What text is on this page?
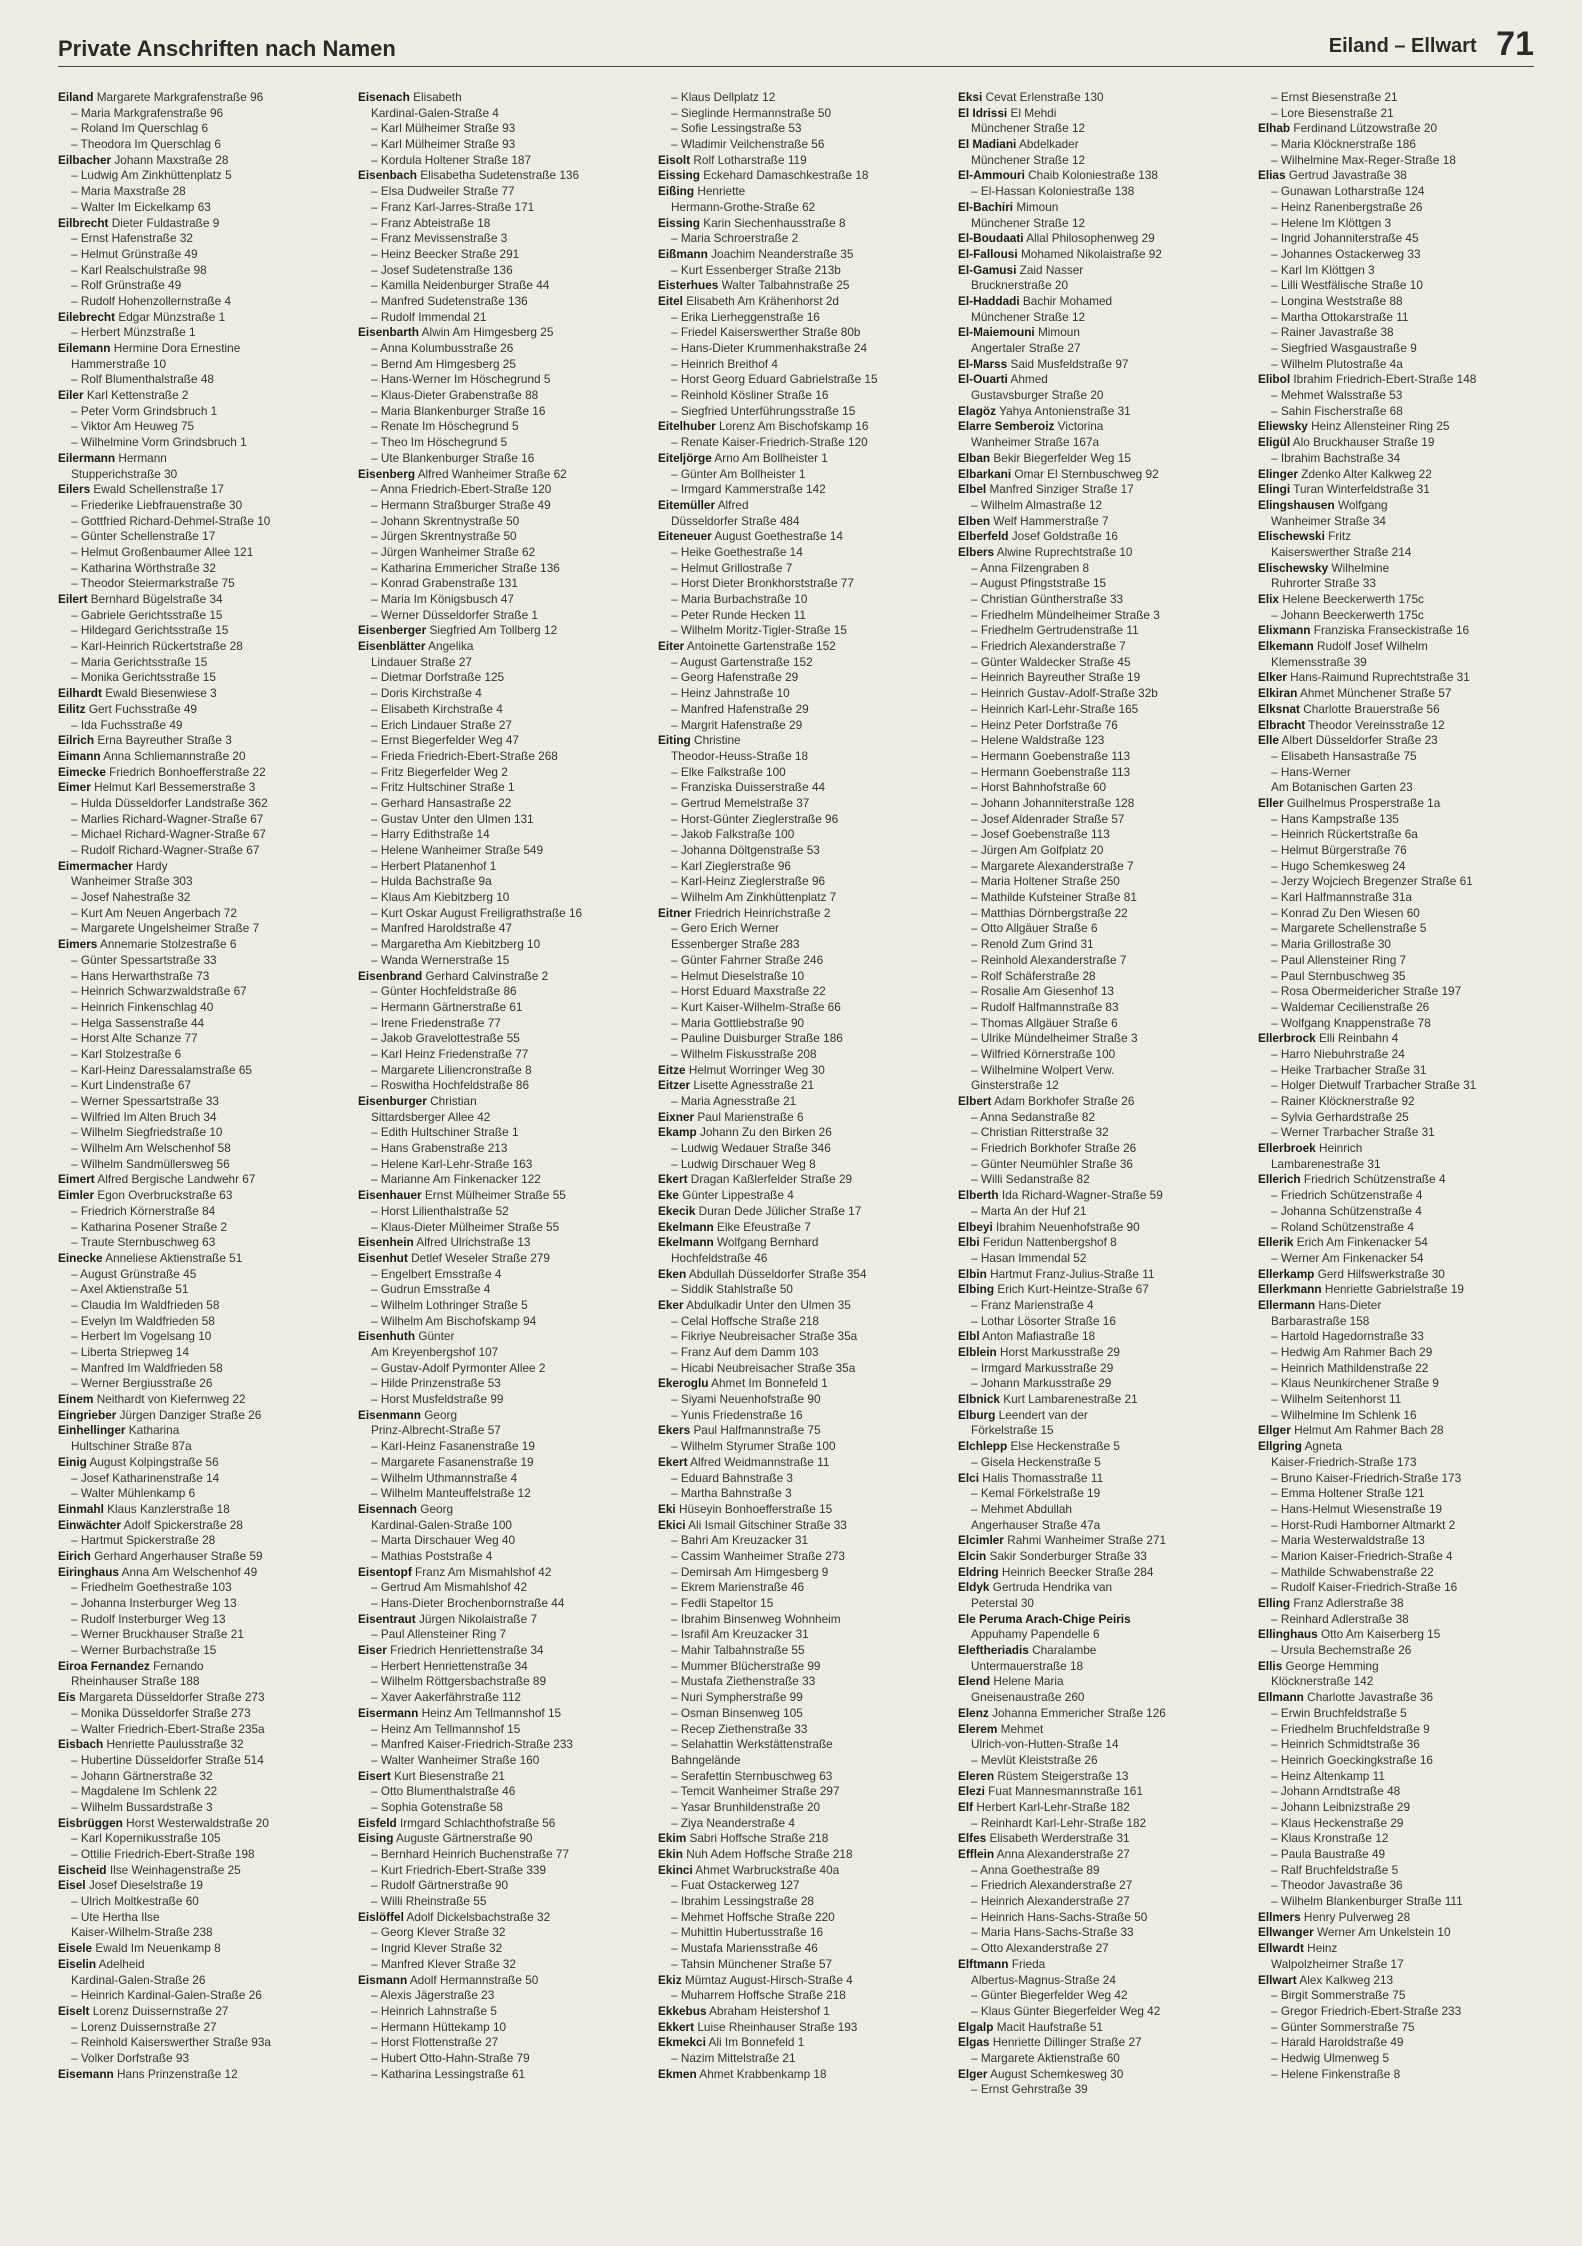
Private Anschriften nach Namen	Eiland – Ellwart 71
Eiland Margarete Markgrafenstraße 96
– Maria Markgrafenstraße 96
– Roland Im Querschlag 6
– Theodora Im Querschlag 6
Eilbacher Johann Maxstraße 28
– Ludwig Am Zinkhüttenplatz 5
– Maria Maxstraße 28
– Walter Im Eickelkamp 63
Eilbrecht Dieter Fuldastraße 9
– Ernst Hafenstraße 32
– Helmut Grünstraße 49
– Karl Realschulstraße 98
– Rolf Grünstraße 49
– Rudolf Hohenzollernstraße 4
Eilebrecht Edgar Münzstraße 1
– Herbert Münzstraße 1
Eilemann Hermine Dora Ernestine
Hammerstraße 10
– Rolf Blumenthalstraße 48
Eiler Karl Kettenstraße 2
– Peter Vorm Grindsbruch 1
– Viktor Am Heuweg 75
– Wilhelmine Vorm Grindsbruch 1
Eilermann Hermann
Stupperichstraße 30
Eilers Ewald Schellenstraße 17
– Friederike Liebfrauenstraße 30
– Gottfried Richard-Dehmel-Straße 10
– Günter Schellenstraße 17
– Helmut Großenbaumer Allee 121
– Katharina Wörthstraße 32
– Theodor Steiermarkstraße 75
Eilert Bernhard Bügelstraße 34
– Gabriele Gerichtsstraße 15
– Hildegard Gerichtsstraße 15
– Karl-Heinrich Rückertstraße 28
– Maria Gerichtsstraße 15
– Monika Gerichtsstraße 15
Eilhardt Ewald Biesenwiese 3
Eilitz Gert Fuchsstraße 49
– Ida Fuchsstraße 49
Eilrich Erna Bayreuther Straße 3
Eimann Anna Schliemannstraße 20
Eimecke Friedrich Bonhoefferstraße 22
Eimer Helmut Karl Bessemerstraße 3
– Hulda Düsseldorfer Landstraße 362
– Marlies Richard-Wagner-Straße 67
– Michael Richard-Wagner-Straße 67
– Rudolf Richard-Wagner-Straße 67
Eimermacher Hardy
Wanheimer Straße 303
– Josef Nahestraße 32
– Kurt Am Neuen Angerbach 72
– Margarete Ungelsheimer Straße 7
Eimers Annemarie Stolzestraße 6
– Günter Spessartstraße 33
– Hans Herwarthstraße 73
– Heinrich Schwarzwaldstraße 67
– Heinrich Finkenschlag 40
– Helga Sassenstraße 44
– Horst Alte Schanze 77
– Karl Stolzestraße 6
– Karl-Heinz Daressalamstraße 65
– Kurt Lindenstraße 67
– Werner Spessartstraße 33
– Wilfried Im Alten Bruch 34
– Wilhelm Siegfriedstraße 10
– Wilhelm Am Welschenhof 58
– Wilhelm Sandmüllersweg 56
Eimert Alfred Bergische Landwehr 67
Eimler Egon Overbruckstraße 63
– Friedrich Körnerstraße 84
– Katharina Posener Straße 2
– Traute Sternbuschweg 63
Einecke Anneliese Aktienstraße 51
– August Grünstraße 45
– Axel Aktienstraße 51
– Claudia Im Waldfrieden 58
– Evelyn Im Waldfrieden 58
– Herbert Im Vogelsang 10
– Liberta Striepweg 14
– Manfred Im Waldfrieden 58
– Werner Bergiusstraße 26
Einem Neithardt von Kiefernweg 22
Eingrieber Jürgen Danziger Straße 26
Einhellinger Katharina
Hultschiner Straße 87a
Einig August Kolpingstraße 56
– Josef Katharinenstraße 14
– Walter Mühlenkamp 6
Einmahl Klaus Kanzlerstraße 18
Einwächter Adolf Spickerstraße 28
– Hartmut Spickerstraße 28
Eirich Gerhard Angerhauser Straße 59
Eiringhaus Anna Am Welschenhof 49
– Friedhelm Goethestraße 103
– Johanna Insterburger Weg 13
– Rudolf Insterburger Weg 13
– Werner Bruckhauser Straße 21
– Werner Burbachstraße 15
Eiroa Fernandez Fernando
Rheinhauser Straße 188
Eis Margareta Düsseldorfer Straße 273
– Monika Düsseldorfer Straße 273
– Walter Friedrich-Ebert-Straße 235a
Eisbach Henriette Paulusstraße 32
– Hubertine Düsseldorfer Straße 514
– Johann Gärtnerstraße 32
– Magdalene Im Schlenk 22
– Wilhelm Bussardstraße 3
Eisbrüggen Horst Westerwaldstraße 20
– Karl Kopernikusstraße 105
– Ottilie Friedrich-Ebert-Straße 198
Eischeid Ilse Weinhagenstraße 25
Eisel Josef Dieselstraße 19
– Ulrich Moltkestraße 60
– Ute Hertha Ilse
Kaiser-Wilhelm-Straße 238
Eisele Ewald Im Neuenkamp 8
Eiselin Adelheid
Kardinal-Galen-Straße 26
– Heinrich Kardinal-Galen-Straße 26
Eiselt Lorenz Duissernstraße 27
– Lorenz Duissernstraße 27
– Reinhold Kaiserswerther Straße 93a
– Volker Dorfstraße 93
Eisemann Hans Prinzenstraße 12
Eisenach Elisabeth
Kardinal-Galen-Straße 4
– Karl Mülheimer Straße 93
– Karl Mülheimer Straße 93
– Kordula Holtener Straße 187
Eisenbach Elisabetha Sudetenstraße 136
– Elsa Dudweiler Straße 77
– Franz Karl-Jarres-Straße 171
– Franz Abteistraße 18
– Franz Mevissenstraße 3
– Heinz Beecker Straße 291
– Josef Sudetenstraße 136
– Kamilla Neidenburger Straße 44
– Manfred Sudetenstraße 136
– Rudolf Immendal 21
Eisenbarth Alwin Am Himgesberg 25
– Anna Kolumbusstraße 26
– Bernd Am Himgesberg 25
– Hans-Werner Im Höschegrund 5
– Klaus-Dieter Grabenstraße 88
– Maria Blankenburger Straße 16
– Renate Im Höschegrund 5
– Theo Im Höschegrund 5
– Ute Blankenburger Straße 16
Eisenberg Alfred Wanheimer Straße 62
– Anna Friedrich-Ebert-Straße 120
– Hermann Straßburger Straße 49
– Johann Skrentnystraße 50
– Jürgen Skrentnystraße 50
– Jürgen Wanheimer Straße 62
– Katharina Emmericher Straße 136
– Konrad Grabenstraße 131
– Maria Im Königsbusch 47
– Werner Düsseldorfer Straße 1
Eisenberger Siegfried Am Tollberg 12
Eisenblätter Angelika
Lindauer Straße 27
– Dietmar Dorfstraße 125
– Doris Kirchstraße 4
– Elisabeth Kirchstraße 4
– Erich Lindauer Straße 27
– Ernst Biegerfelder Weg 47
– Frieda Friedrich-Ebert-Straße 268
– Fritz Biegerfelder Weg 2
– Fritz Hultschiner Straße 1
– Gerhard Hansastraße 22
– Gustav Unter den Ulmen 131
– Harry Edithstraße 14
– Helene Wanheimer Straße 549
– Herbert Platanenhof 1
– Hulda Bachstraße 9a
– Klaus Am Kiebitzberg 10
– Kurt Oskar August Freiligrathstraße 16
– Manfred Haroldstraße 47
– Margaretha Am Kiebitzberg 10
– Wanda Wernerstraße 15
Eisenbrand Gerhard Calvinstraße 2
– Günter Hochfeldstraße 86
– Hermann Gärtnerstraße 61
– Irene Friedenstraße 77
– Jakob Gravelottestraße 55
– Karl Heinz Friedenstraße 77
– Margarete Liliencronstraße 8
– Roswitha Hochfeldstraße 86
Eisenburger Christian
Sittardsberger Allee 42
– Edith Hultschiner Straße 1
– Hans Grabenstraße 213
– Helene Karl-Lehr-Straße 163
– Marianne Am Finkenacker 122
Eisenhauer Ernst Mülheimer Straße 55
– Horst Lilienthalstraße 52
– Klaus-Dieter Mülheimer Straße 55
Eisenhein Alfred Ulrichstraße 13
Eisenhut Detlef Weseler Straße 279
– Engelbert Emsstraße 4
– Gudrun Emsstraße 4
– Wilhelm Lothringer Straße 5
– Wilhelm Am Bischofskamp 94
Eisenhuth Günter
Am Kreyenbergshof 107
– Gustav-Adolf Pyrmonter Allee 2
– Hilde Prinzenstraße 53
– Horst Musfeldstraße 99
Eisenmann Georg
Prinz-Albrecht-Straße 57
– Karl-Heinz Fasanenstraße 19
– Margarete Fasanenstraße 19
– Wilhelm Uthmannstraße 4
– Wilhelm Manteuffelstraße 12
Eisennach Georg
Kardinal-Galen-Straße 100
– Marta Dirschauer Weg 40
– Mathias Poststraße 4
Eisentopf Franz Am Mismahlshof 42
– Gertrud Am Mismahlshof 42
– Hans-Dieter Brochenbornstraße 44
Eisentraut Jürgen Nikolaistraße 7
– Paul Allensteiner Ring 7
Eiser Friedrich Henriettenstraße 34
– Herbert Henriettenstraße 34
– Wilhelm Röttgersbachstraße 89
– Xaver Aakerfährstraße 112
Eisermann Heinz Am Tellmannshof 15
– Heinz Am Tellmannshof 15
– Manfred Kaiser-Friedrich-Straße 233
– Walter Wanheimer Straße 160
Eisert Kurt Biesenstraße 21
– Otto Blumenthalstraße 46
– Sophia Gotenstraße 58
Eisfeld Irmgard Schlachthofstraße 56
Eising Auguste Gärtnerstraße 90
– Bernhard Heinrich Buchenstraße 77
– Kurt Friedrich-Ebert-Straße 339
– Rudolf Gärtnerstraße 90
– Willi Rheinstraße 55
Eislöffel Adolf Dickelsbachstraße 32
– Georg Klever Straße 32
– Ingrid Klever Straße 32
– Manfred Klever Straße 32
Eismann Adolf Hermannstraße 50
– Alexis Jägerstraße 23
– Heinrich Lahnstraße 5
– Hermann Hüttekamp 10
– Horst Flottenstraße 27
– Hubert Otto-Hahn-Straße 79
– Katharina Lessingstraße 61
– Klaus Dellplatz 12
– Sieglinde Hermannstraße 50
– Sofie Lessingstraße 53
– Wladimir Veilchenstraße 56
Eisolt Rolf Lotharstraße 119
Eissing Eckehard Damaschkestraße 18
Eißing Henriette
Hermann-Grothe-Straße 62
Eissing Karin Siechenhausstraße 8
– Maria Schroerstraße 2
Eißmann Joachim Neanderstraße 35
– Kurt Essenberger Straße 213b
Eisterhues Walter Talbahnstraße 25
Eitel Elisabeth Am Krähenhorst 2d
– Erika Lierheggenstraße 16
– Friedel Kaiserswerther Straße 80b
– Hans-Dieter Krummenhakstraße 24
– Heinrich Breithof 4
– Horst Georg Eduard Gabrielstraße 15
– Reinhold Kösliner Straße 16
– Siegfried Unterführungsstraße 15
Eitelhuber Lorenz Am Bischofskamp 16
– Renate Kaiser-Friedrich-Straße 120
Eiteljörge Arno Am Bollheister 1
– Günter Am Bollheister 1
– Irmgard Kammerstraße 142
Eitemüller Alfred
Düsseldorfer Straße 484
Eiteneuer August Goethestraße 14
– Heike Goethestraße 14
– Helmut Grillostraße 7
– Horst Dieter Bronkhorststraße 77
– Maria Burbachstraße 10
– Peter Runde Hecken 11
– Wilhelm Moritz-Tigler-Straße 15
Eiter Antoinette Gartenstraße 152
– August Gartenstraße 152
– Georg Hafenstraße 29
– Heinz Jahnstraße 10
– Manfred Hafenstraße 29
– Margrit Hafenstraße 29
Eiting Christine
Theodor-Heuss-Straße 18
– Elke Falkstraße 100
– Franziska Duisserstraße 44
– Gertrud Memelstraße 37
– Horst-Günter Zieglerstraße 96
– Jakob Falkstraße 100
– Johanna Döltgenstraße 53
– Karl Zieglerstraße 96
– Karl-Heinz Zieglerstraße 96
– Wilhelm Am Zinkhüttenplatz 7
Eitner Friedrich Heinrichstraße 2
– Gero Erich Werner
Essenberger Straße 283
– Günter Fahrner Straße 246
– Helmut Dieselstraße 10
– Horst Eduard Maxstraße 22
– Kurt Kaiser-Wilhelm-Straße 66
– Maria Gottliebstraße 90
– Pauline Duisburger Straße 186
– Wilhelm Fiskusstraße 208
Eitze Helmut Worringer Weg 30
Eitzer Lisette Agnesstraße 21
– Maria Agnesstraße 21
Eixner Paul Marienstraße 6
Ekamp Johann Zu den Birken 26
– Ludwig Wedauer Straße 346
– Ludwig Dirschauer Weg 8
Ekert Dragan Kaßlerfelder Straße 29
Eke Günter Lippestraße 4
Ekecik Duran Dede Jülicher Straße 17
Ekelmann Elke Efeustraße 7
Ekelmann Wolfgang Bernhard
Hochfeldstraße 46
Eken Abdullah Düsseldorfer Straße 354
– Siddik Stahlstraße 50
Eker Abdulkadir Unter den Ulmen 35
– Celal Hoffsche Straße 218
– Fikriye Neubreisacher Straße 35a
– Franz Auf dem Damm 103
– Hicabi Neubreisacher Straße 35a
Ekeroglu Ahmet Im Bonnefeld 1
– Siyami Neuenhofstraße 90
– Yunis Friedenstraße 16
Ekers Paul Halfmannstraße 75
– Wilhelm Styrumer Straße 100
Ekert Alfred Weidmannstraße 11
– Eduard Bahnstraße 3
– Martha Bahnstraße 3
Eki Hüseyin Bonhoefferstraße 15
Ekici Ali Ismail Gitschiner Straße 33
– Bahri Am Kreuzacker 31
– Cassim Wanheimer Straße 273
– Demirsah Am Himgesberg 9
– Ekrem Marienstraße 46
– Fedli Stapeltor 15
– Ibrahim Binsenweg Wohnheim
– Israfil Am Kreuzacker 31
– Mahir Talbahnstraße 55
– Mummer Blücherstraße 99
– Mustafa Ziethenstraße 33
– Nuri Sympherstraße 99
– Osman Binsenweg 105
– Recep Ziethenstraße 33
– Selahattin Werkstättenstraße
Bahngelände
– Serafettin Sternbuschweg 63
– Temcit Wanheimer Straße 297
– Yasar Brunhildenstraße 20
– Ziya Neanderstraße 4
Ekim Sabri Hoffsche Straße 218
Ekin Nuh Adem Hoffsche Straße 218
Ekinci Ahmet Warbruckstraße 40a
– Fuat Ostackerweg 127
– Ibrahim Lessingstraße 28
– Mehmet Hoffsche Straße 220
– Muhittin Hubertusstraße 16
– Mustafa Mariensstraße 46
– Tahsin Münchener Straße 57
Ekiz Mümtaz August-Hirsch-Straße 4
– Muharrem Hoffsche Straße 218
Ekkebus Abraham Heistershof 1
Ekkert Luise Rheinhauser Straße 193
Ekmekci Ali Im Bonnefeld 1
– Nazim Mittelstraße 21
Ekmen Ahmet Krabbenkamp 18
Eksi Cevat Erlenstraße 130
El Idrissi El Mehdi
Münchener Straße 12
El Madiani Abdelkader
Münchener Straße 12
El-Ammouri Chaib Koloniestraße 138
– El-Hassan Koloniestraße 138
El-Bachiri Mimoun
Münchener Straße 12
El-Boudaati Allal Philosophenweg 29
El-Fallousi Mohamed Nikolaistraße 92
El-Gamusi Zaid Nasser
Brucknerstraße 20
El-Haddadi Bachir Mohamed
Münchener Straße 12
El-Maiemouni Mimoun
Angertaler Straße 27
El-Marss Said Musfeldstraße 97
El-Ouarti Ahmed
Gustavsburger Straße 20
Elagöz Yahya Antonienstraße 31
Elarre Semberoiz Victorina
Wanheimer Straße 167a
Elban Bekir Biegerfelder Weg 15
Elbarkani Omar El Sternbuschweg 92
Elbel Manfred Sinziger Straße 17
– Wilhelm Almastraße 12
Elben Welf Hammerstraße 7
Elberfeld Josef Goldstraße 16
Elbers Alwine Ruprechtstraße 10
– Anna Filzengraben 8
– August Pfingststraße 15
– Christian Güntherstraße 33
– Friedhelm Mündelheimer Straße 3
– Friedhelm Gertrudenstraße 11
– Friedrich Alexanderstraße 7
– Günter Waldecker Straße 45
– Heinrich Bayreuther Straße 19
– Heinrich Gustav-Adolf-Straße 32b
– Heinrich Karl-Lehr-Straße 165
– Heinz Peter Dorfstraße 76
– Helene Waldstraße 123
– Hermann Goebenstraße 113
– Hermann Goebenstraße 113
– Horst Bahnhofstraße 60
– Johann Johanniterstraße 128
– Josef Aldenrader Straße 57
– Josef Goebenstraße 113
– Jürgen Am Golfplatz 20
– Margarete Alexanderstraße 7
– Maria Holtener Straße 250
– Mathilde Kufsteiner Straße 81
– Matthias Dörnbergstraße 22
– Otto Allgäuer Straße 6
– Renold Zum Grind 31
– Reinhold Alexanderstraße 7
– Rolf Schäferstraße 28
– Rosalie Am Giesenhof 13
– Rudolf Halfmannstraße 83
– Thomas Allgäuer Straße 6
– Ulrike Mündelheimer Straße 3
– Wilfried Körnerstraße 100
– Wilhelmine Wolpert Verw.
Ginsterstraße 12
Elbert Adam Borkhofer Straße 26
– Anna Sedanstraße 82
– Christian Ritterstraße 32
– Friedrich Borkhofer Straße 26
– Günter Neumühler Straße 36
– Willi Sedanstraße 82
Elberth Ida Richard-Wagner-Straße 59
– Marta An der Huf 21
Elbeyi Ibrahim Neuenhofstraße 90
Elbi Feridun Nattenbergshof 8
– Hasan Immendal 52
Elbin Hartmut Franz-Julius-Straße 11
Elbing Erich Kurt-Heintze-Straße 67
– Franz Marienstraße 4
– Lothar Lösorter Straße 16
Elbl Anton Mafiastraße 18
Elblein Horst Markusstraße 29
– Irmgard Markusstraße 29
– Johann Markusstraße 29
Elbnick Kurt Lambarenestraße 21
Elburg Leendert van der
Förkelstraße 15
Elchlepp Else Heckenstraße 5
– Gisela Heckenstraße 5
Elci Halis Thomasstraße 11
– Kemal Förkelstraße 19
– Mehmet Abdullah
Angerhauser Straße 47a
Elcimler Rahmi Wanheimer Straße 271
Elcin Sakir Sonderburger Straße 33
Eldring Heinrich Beecker Straße 284
Eldyk Gertruda Hendrika van
Peterstal 30
Ele Peruma Arach-Chige Peiris
Appuhamy Papendelle 6
Eleftheriadis Charalambe
Untermauerstraße 18
Elend Helene Maria
Gneisenaustraße 260
Elenz Johanna Emmericher Straße 126
Elerem Mehmet
Ulrich-von-Hutten-Straße 14
– Mevlüt Kleiststraße 26
Eleren Rüstem Steigerstraße 13
Elezi Fuat Mannesmannstraße 161
Elf Herbert Karl-Lehr-Straße 182
– Reinhardt Karl-Lehr-Straße 182
Elfes Elisabeth Werderstraße 31
Efflein Anna Alexanderstraße 27
– Anna Goethestraße 89
– Friedrich Alexanderstraße 27
– Heinrich Alexanderstraße 27
– Heinrich Hans-Sachs-Straße 50
– Maria Hans-Sachs-Straße 33
– Otto Alexanderstraße 27
Elftmann Frieda
Albertus-Magnus-Straße 24
– Günter Biegerfelder Weg 42
– Klaus Günter Biegerfelder Weg 42
Elgalp Macit Haufstraße 51
Elgas Henriette Dillinger Straße 27
– Margarete Aktienstraße 60
Elger August Schemkesweg 30
– Ernst Gehrstraße 39
– Ernst Biesenstraße 21
– Lore Biesenstraße 21
Elhab Ferdinand Lützowstraße 20
– Maria Klöcknerstraße 186
– Wilhelmine Max-Reger-Straße 18
Elias Gertrud Javastraße 38
– Gunawan Lotharstraße 124
– Heinz Ranenbergstraße 26
– Helene Im Klöttgen 3
– Ingrid Johanniterstraße 45
– Johannes Ostackerweg 33
– Karl Im Klöttgen 3
– Lilli Westfälische Straße 10
– Longina Weststraße 88
– Martha Ottokarstraße 11
– Rainer Javastraße 38
– Siegfried Wasgaustraße 9
– Wilhelm Plutostraße 4a
Elibol Ibrahim Friedrich-Ebert-Straße 148
– Mehmet Walsstraße 53
– Sahin Fischerstraße 68
Eliewsky Heinz Allensteiner Ring 25
Eligül Alo Bruckhauser Straße 19
– Ibrahim Bachstraße 34
Elinger Zdenko Alter Kalkweg 22
Elingi Turan Winterfeldstraße 31
Elingshausen Wolfgang
Wanheimer Straße 34
Elischewski Fritz
Kaiserswerther Straße 214
Elischewsky Wilhelmine
Ruhrorter Straße 33
Elix Helene Beeckerwerth 175c
– Johann Beeckerwerth 175c
Elixmann Franziska Franseckistraße 16
Elkemann Rudolf Josef Wilhelm
Klemensstraße 39
Elker Hans-Raimund Ruprechtstraße 31
Elkiran Ahmet Münchener Straße 57
Elksnat Charlotte Brauerstraße 56
Elbracht Theodor Vereinsstraße 12
Elle Albert Düsseldorfer Straße 23
– Elisabeth Hansastraße 75
– Hans-Werner
Am Botanischen Garten 23
Eller Guilhelmus Prosperstraße 1a
– Hans Kampstraße 135
– Heinrich Rückertstraße 6a
– Helmut Bürgerstraße 76
– Hugo Schemkesweg 24
– Jerzy Wojciech Bregenzer Straße 61
– Karl Halfmannstraße 31a
– Konrad Zu Den Wiesen 60
– Margarete Schellenstraße 5
– Maria Grillostraße 30
– Paul Allensteiner Ring 7
– Paul Sternbuschweg 35
– Rosa Obermeidericher Straße 197
– Waldemar Cecilienstraße 26
– Wolfgang Knappenstraße 78
Ellerbrock Elli Reinbahn 4
– Harro Niebuhrstraße 24
– Heike Trarbacher Straße 31
– Holger Dietwulf Trarbacher Straße 31
– Rainer Klöcknerstraße 92
– Sylvia Gerhardstraße 25
– Werner Trarbacher Straße 31
Ellerbroek Heinrich
Lambarenestraße 31
Ellerich Friedrich Schützenstraße 4
– Friedrich Schützenstraße 4
– Johanna Schützenstraße 4
– Roland Schützenstraße 4
Ellerik Erich Am Finkenacker 54
– Werner Am Finkenacker 54
Ellerkamp Gerd Hilfswerkstraße 30
Ellerkmann Henriette Gabrielstraße 19
Ellermann Hans-Dieter
Barbarastraße 158
– Hartold Hagedornstraße 33
– Hedwig Am Rahmer Bach 29
– Heinrich Mathildenstraße 22
– Klaus Neunkirchener Straße 9
– Wilhelm Seitenhorst 11
– Wilhelmine Im Schlenk 16
Ellger Helmut Am Rahmer Bach 28
Ellgring Agneta
Kaiser-Friedrich-Straße 173
– Bruno Kaiser-Friedrich-Straße 173
– Emma Holtener Straße 121
– Hans-Helmut Wiesenstraße 19
– Horst-Rudi Hamborner Altmarkt 2
– Maria Westerwaldstraße 13
– Marion Kaiser-Friedrich-Straße 4
– Mathilde Schwabenstraße 22
– Rudolf Kaiser-Friedrich-Straße 16
Elling Franz Adlerstraße 38
– Reinhard Adlerstraße 38
Ellinghaus Otto Am Kaiserberg 15
– Ursula Bechemstraße 26
Ellis George Hemming
Klöcknerstraße 142
Ellmann Charlotte Javastraße 36
– Erwin Bruchfeldstraße 5
– Friedhelm Bruchfeldstraße 9
– Heinrich Schmidtstraße 36
– Heinrich Goeckingkstraße 16
– Heinz Altenkamp 11
– Johann Arndtstraße 48
– Johann Leibnizstraße 29
– Klaus Heckenstraße 29
– Klaus Kronstraße 12
– Paula Baustraße 49
– Ralf Bruchfeldstraße 5
– Theodor Javastraße 36
– Wilhelm Blankenburger Straße 111
Ellmers Henry Pulverweg 28
Ellwanger Werner Am Unkelstein 10
Ellwardt Heinz
Walpolzheimer Straße 17
Ellwart Alex Kalkweg 213
– Birgit Sommerstraße 75
– Gregor Friedrich-Ebert-Straße 233
– Günter Sommerstraße 75
– Harald Haroldstraße 49
– Hedwig Ulmenweg 5
– Helene Finkenstraße 8
